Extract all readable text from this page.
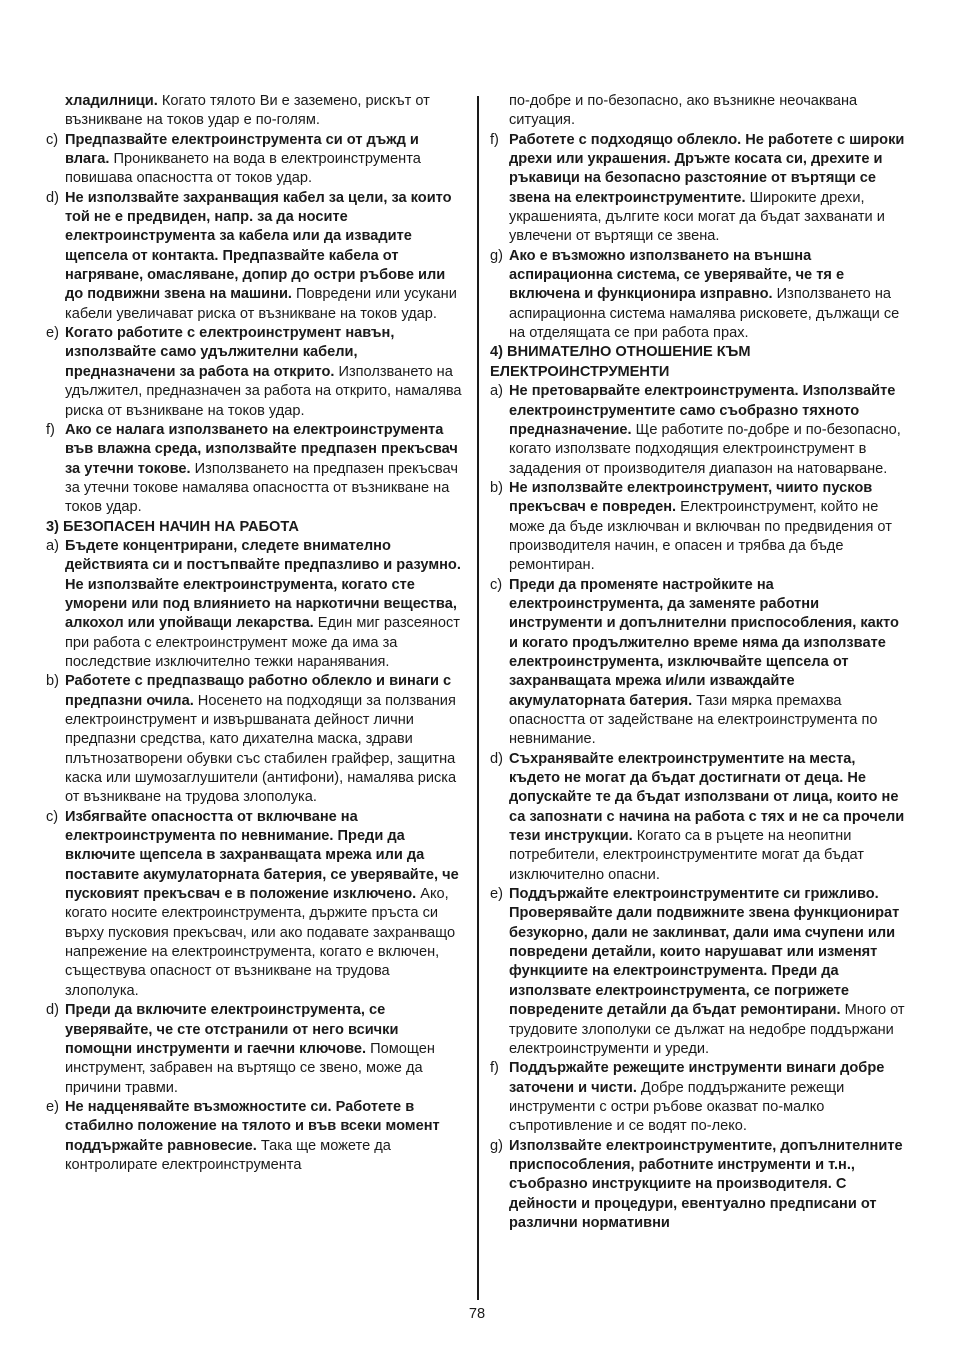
хладилници. Когато тялото Ви е заземено, рискът от възникване на токов удар е по-голям.
c) Предпазвайте електроинструмента си от дъжд и влага. Проникването на вода в електроинструмента повишава опасността от токов удар.
d) Не използвайте захранващия кабел за цели, за които той не е предвиден, напр. за да носите електроинструмента за кабела или да извадите щепсела от контакта. Предпазвайте кабела от нагряване, омасляване, допир до остри ръбове или до подвижни звена на машини. Повредени или усукани кабели увеличават риска от възникване на токов удар.
e) Когато работите с електроинструмент навън, използвайте само удължителни кабели, предназначени за работа на открито. Използването на удължител, предназначен за работа на открито, намалява риска от възникване на токов удар.
f) Ако се налага използването на електроинструмента във влажна среда, използвайте предпазен прекъсвач за утечни токове. Използването на предпазен прекъсвач за утечни токове намалява опасността от възникване на токов удар.
3) БЕЗОПАСЕН НАЧИН НА РАБОТА
a) Бъдете концентрирани, следете внимателно действията си и постъпвайте предпазливо и разумно. Не използвайте електроинструмента, когато сте уморени или под влиянието на наркотични вещества, алкохол или упойващи лекарства. Един миг разсеяност при работа с електроинструмент може да има за последствие изключително тежки наранявания.
b) Работете с предпазващо работно облекло и винаги с предпазни очила. Носенето на подходящи за ползвания електроинструмент и извършваната дейност лични предпазни средства, като дихателна маска, здрави плътнозатворени обувки със стабилен грайфер, защитна каска или шумозаглушители (антифони), намалява риска от възникване на трудова злополука.
c) Избягвайте опасността от включване на електроинструмента по невнимание. Преди да включите щепсела в захранващата мрежа или да поставите акумулаторната батерия, се уверявайте, че пусковият прекъсвач е в положение изключено. Ако, когато носите електроинструмента, държите пръста си върху пусковия прекъсвач, или ако подавате захранващо напрежение на електроинструмента, когато е включен, съществува опасност от възникване на трудова злополука.
d) Преди да включите електроинструмента, се уверявайте, че сте отстранили от него всички помощни инструменти и гаечни ключове. Помощен инструмент, забравен на въртящо се звено, може да причини травми.
e) Не надценявайте възможностите си. Работете в стабилно положение на тялото и във всеки момент поддържайте равновесие. Така ще можете да контролирате електроинструмента
по-добре и по-безопасно, ако възникне неочаквана ситуация.
f) Работете с подходящо облекло. Не работете с широки дрехи или украшения. Дръжте косата си, дрехите и ръкавици на безопасно разстояние от въртящи се звена на електроинструментите. Широките дрехи, украшенията, дългите коси могат да бъдат захванати и увлечени от въртящи се звена.
g) Ако е възможно използването на външна аспирационна система, се уверявайте, че тя е включена и функционира изправно. Използването на аспирационна система намалява рисковете, дължащи се на отделящата се при работа прах.
4) ВНИМАТЕЛНО ОТНОШЕНИЕ КЪМ ЕЛЕКТРОИНСТРУМЕНТИ
a) Не претоварвайте електроинструмента. Използвайте електроинструментите само съобразно тяхното предназначение. Ще работите по-добре и по-безопасно, когато използвате подходящия електроинструмент в зададения от производителя диапазон на натоварване.
b) Не използвайте електроинструмент, чиито пусков прекъсвач е повреден. Електроинструмент, който не може да бъде изключван и включван по предвидения от производителя начин, е опасен и трябва да бъде ремонтиран.
c) Преди да променяте настройките на електроинструмента, да заменяте работни инструменти и допълнителни приспособления, както и когато продължително време няма да използвате електроинструмента, изключвайте щепсела от захранващата мрежа и/или изваждайте акумулаторната батерия. Тази мярка премахва опасността от задействане на електроинструмента по невнимание.
d) Съхранявайте електроинструментите на места, където не могат да бъдат достигнати от деца. Не допускайте те да бъдат използвани от лица, които не са запознати с начина на работа с тях и не са прочели тези инструкции. Когато са в ръцете на неопитни потребители, електроинструментите могат да бъдат изключително опасни.
e) Поддържайте електроинструментите си грижливо. Проверявайте дали подвижните звена функционират безукорно, дали не заклинват, дали има счупени или повредени детайли, които нарушават или изменят функциите на електроинструмента. Преди да използвате електроинструмента, се погрижете повредените детайли да бъдат ремонтирани. Много от трудовите злополуки се дължат на недобре поддържани електроинструменти и уреди.
f) Поддържайте режещите инструменти винаги добре заточени и чисти. Добре поддържаните режещи инструменти с остри ръбове оказват по-малко съпротивление и се водят по-леко.
g) Използвайте електроинструментите, допълнителните приспособления, работните инструменти и т.н., съобразно инструкциите на производителя. С дейности и процедури, евентуално предписани от различни нормативни
78
